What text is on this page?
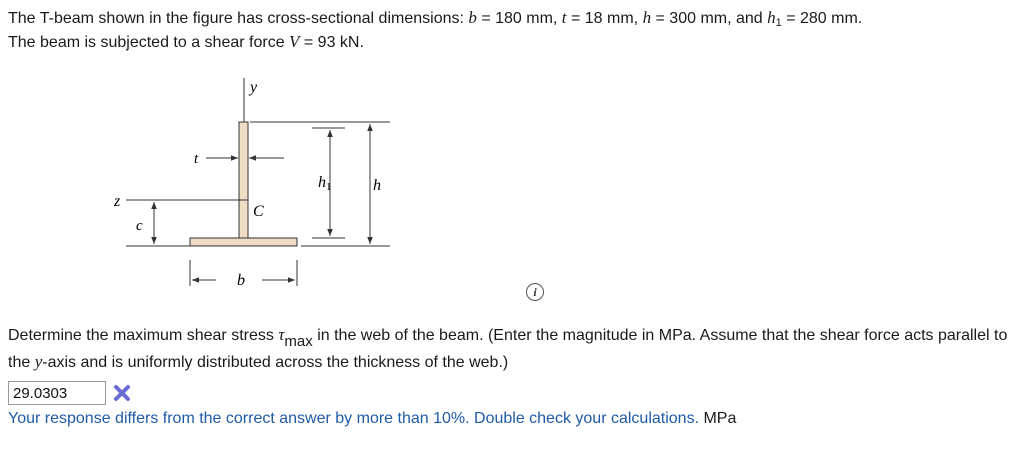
The T-beam shown in the figure has cross-sectional dimensions: b = 180 mm, t = 18 mm, h = 300 mm, and $h_1 = 280$ mm.
The beam is subjected to a shear force V = 93 kN.
y
z
C
c
t
h1	h
b
i
Determine the maximum shear stress τmax in the web of the beam. (Enter the magnitude in MPa. Assume that the shear force acts parallel to the y-axis and is uniformly distributed across the thickness of the web.)
29.0303
Your response differs from the correct answer by more than 10%. Double check your calculations. MPa
